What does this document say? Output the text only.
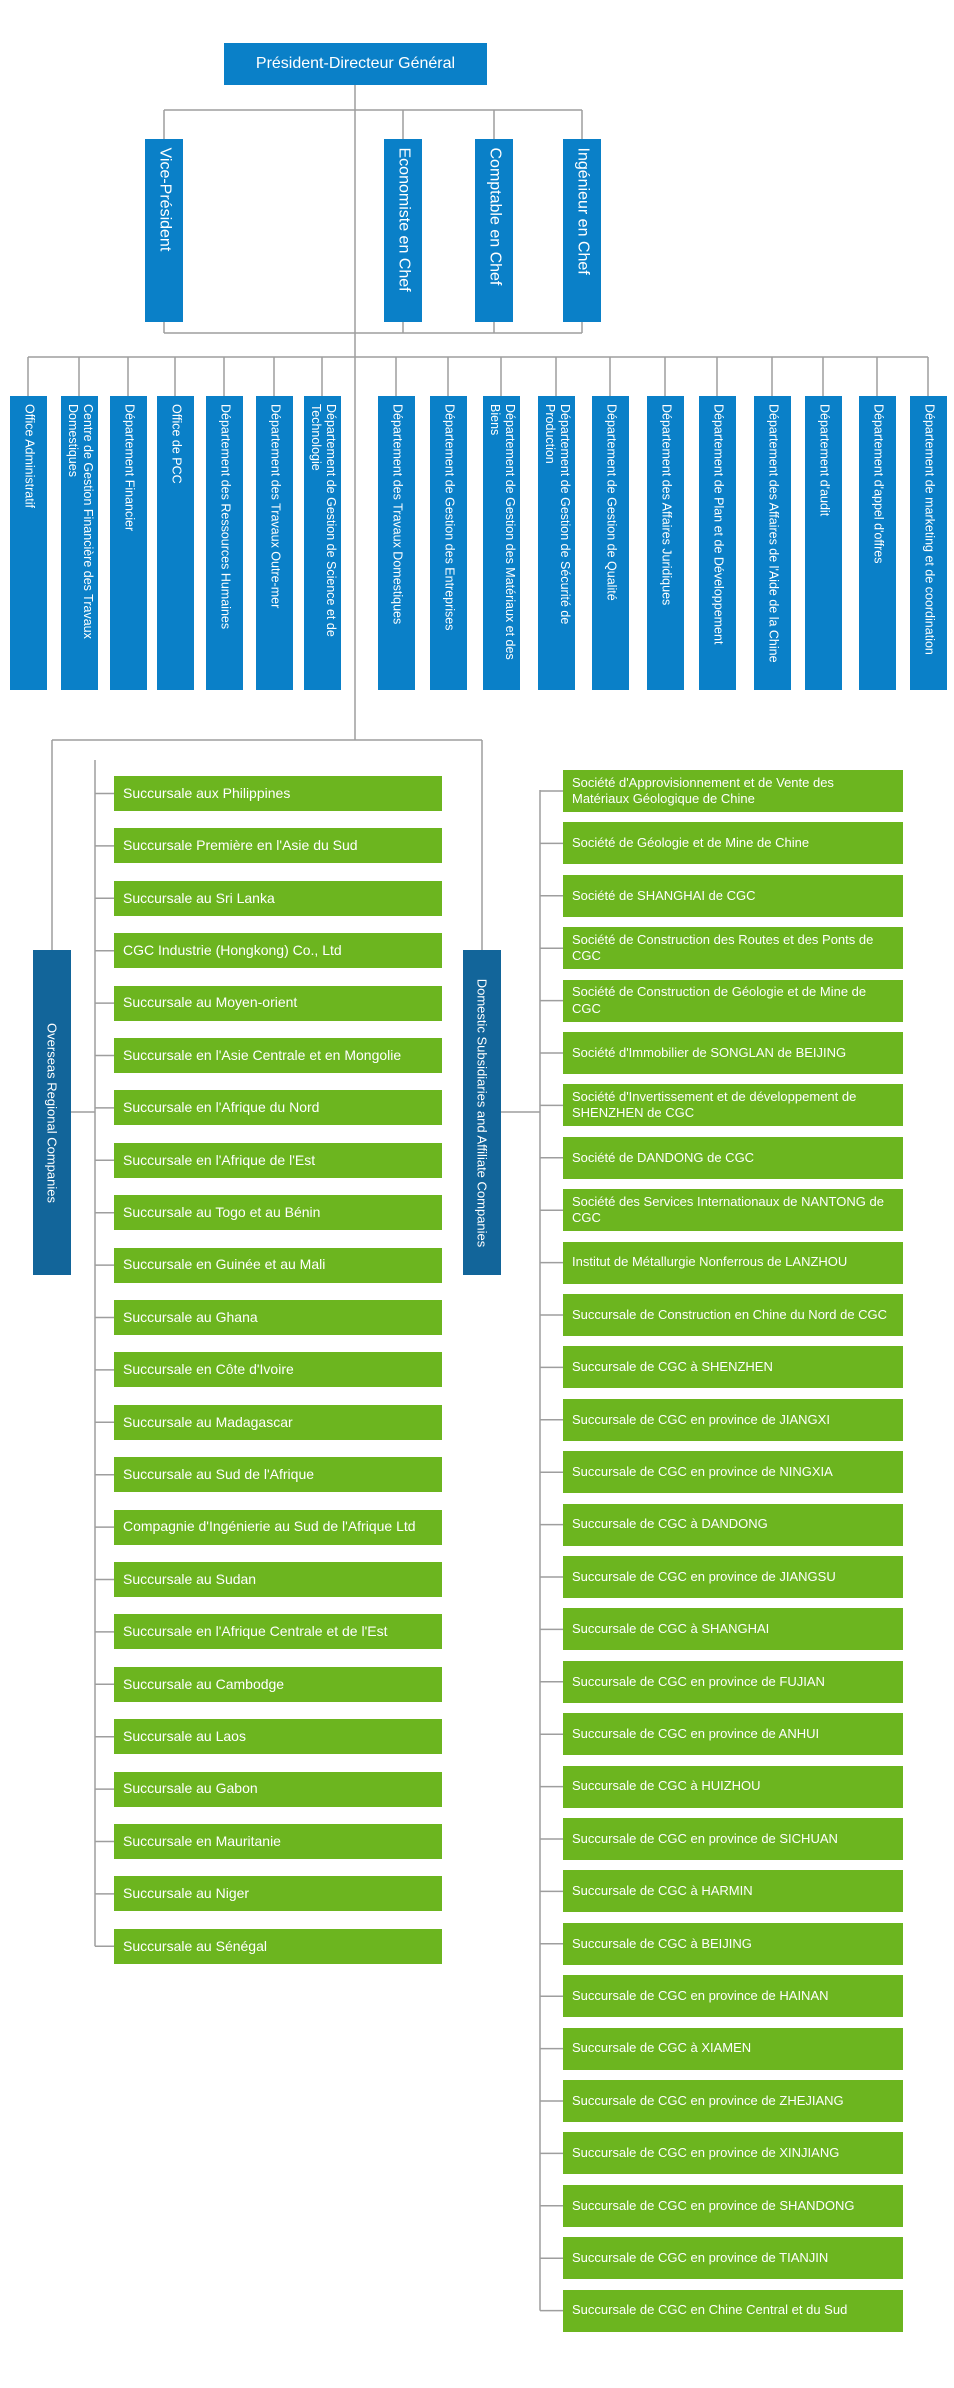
Président-Directeur Général
Vice-Président	Economiste en Chef	Comptable en Chef	Ingénieur en Chef
Office Administratif	Centre de Gestion Financière des Travaux Domestiques	Département Financier	Office de PCC	Département des Ressources Humaines	Département des Travaux Outre-mer	Département de Gestion de Science et de Technologie	Département des Travaux Domestiques	Département de Gestion des Entreprises	Département de Gestion des Matériaux et des Biens	Département de Gestion de Sécurité de Production	Département de Gestion de Qualité	Département des Affaires Juridiques	Département de Plan et de Développement	Département des Affaires de l'Aide de la Chine	Département d'audit	Département d'appel d'offres	Département de marketing et de coordination
Overseas Regional Companies	Domestic Subsidiaries and Affiliate Companies
Succursale aux Philippines
Succursale Première en l'Asie du Sud
Succursale au Sri Lanka
CGC Industrie (Hongkong) Co., Ltd
Succursale au Moyen-orient
Succursale en l'Asie Centrale et en Mongolie
Succursale en l'Afrique du Nord
Succursale en l'Afrique de l'Est
Succursale au Togo et au Bénin
Succursale en Guinée et au Mali
Succursale au Ghana
Succursale en Côte d'Ivoire
Succursale au Madagascar
Succursale au Sud de l'Afrique
Compagnie d'Ingénierie au Sud de l'Afrique Ltd
Succursale au Sudan
Succursale en l'Afrique Centrale et de l'Est
Succursale au Cambodge
Succursale au Laos
Succursale au Gabon
Succursale en Mauritanie
Succursale au Niger
Succursale au Sénégal
Société d'Approvisionnement et de Vente des Matériaux Géologique de Chine
Société de Géologie et de Mine de Chine
Société de SHANGHAI de CGC
Société de Construction des Routes et des Ponts de CGC
Société de Construction de Géologie et de Mine de CGC
Société d'Immobilier de SONGLAN de BEIJING
Société d'Invertissement et de développement de SHENZHEN de CGC
Société de DANDONG de CGC
Société des Services Internationaux de NANTONG de CGC
Institut de Métallurgie Nonferrous de LANZHOU
Succursale de Construction en Chine du Nord de CGC
Succursale de CGC à SHENZHEN
Succursale de CGC en province de JIANGXI
Succursale de CGC en province de NINGXIA
Succursale de CGC à DANDONG
Succursale de CGC en province de JIANGSU
Succursale de CGC à SHANGHAI
Succursale de CGC en province de FUJIAN
Succursale de CGC en province de ANHUI
Succursale de CGC à HUIZHOU
Succursale de CGC en province de SICHUAN
Succursale de CGC à HARMIN
Succursale de CGC à BEIJING
Succursale de CGC en province de HAINAN
Succursale de CGC à XIAMEN
Succursale de CGC en province de ZHEJIANG
Succursale de CGC en province de XINJIANG
Succursale de CGC en province de SHANDONG
Succursale de CGC en province de TIANJIN
Succursale de CGC en Chine Central et du Sud
